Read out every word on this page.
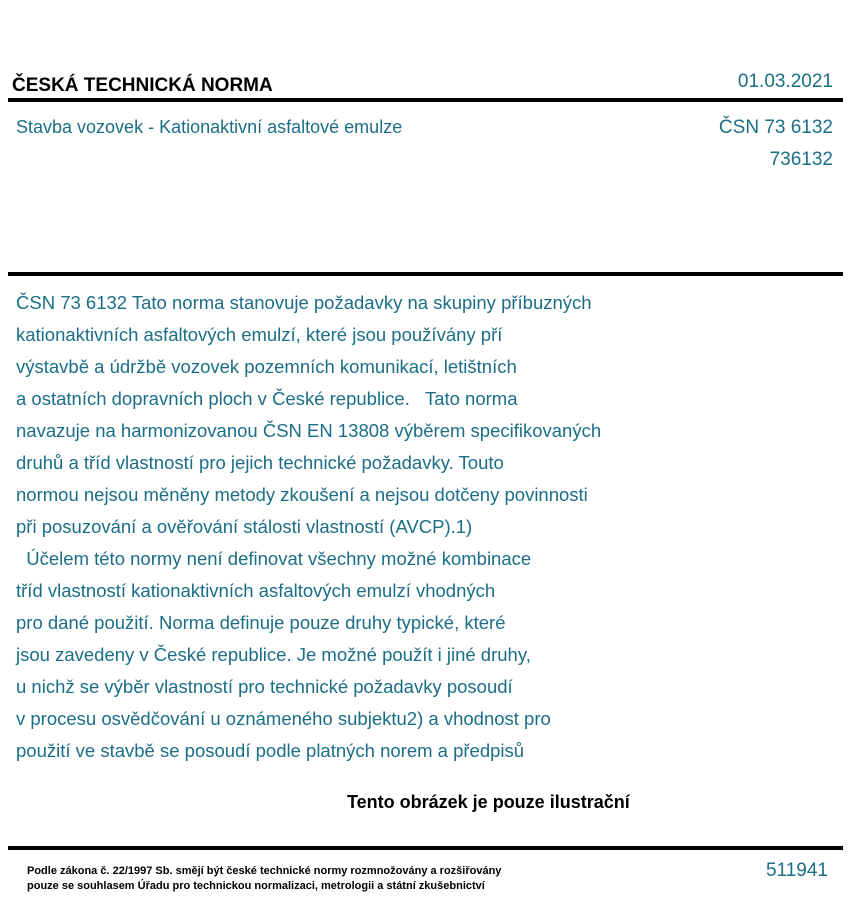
ČESKÁ TECHNICKÁ NORMA	01.03.2021
Stavba vozovek - Kationaktivní asfaltové emulze	ČSN 73 6132
736132
ČSN 73 6132 Tato norma stanovuje požadavky na skupiny příbuzných
kationaktivních asfaltových emulzí, které jsou používány pří
výstavbě a údržbě vozovek pozemních komunikací, letištních
a ostatních dopravních ploch v České republice.   Tato norma
navazuje na harmonizovanou ČSN EN 13808 výběrem specifikovaných
druhů a tříd vlastností pro jejich technické požadavky. Touto
normou nejsou měněny metody zkoušení a nejsou dotčeny povinnosti
při posuzování a ověřování stálosti vlastností (AVCP).1)
Účelem této normy není definovat všechny možné kombinace
tříd vlastností kationaktivních asfaltových emulzí vhodných
pro dané použití. Norma definuje pouze druhy typické, které
jsou zavedeny v České republice. Je možné použít i jiné druhy,
u nichž se výběr vlastností pro technické požadavky posoudí
v procesu osvědčování u oznámeného subjektu2) a vhodnost pro
použití ve stavbě se posoudí podle platných norem a předpisů
Tento obrázek je pouze ilustrační
Podle zákona č. 22/1997 Sb. smějí být české technické normy rozmnožovány a rozšiřovány
pouze se souhlasem Úřadu pro technickou normalizaci, metrologii a státní zkušebnictví
511941
